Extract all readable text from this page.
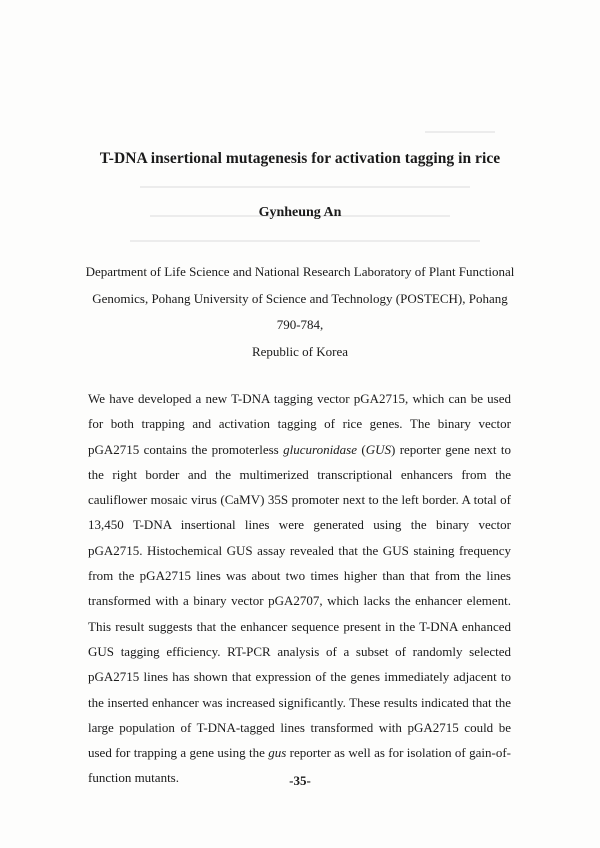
T-DNA insertional mutagenesis for activation tagging in rice
Gynheung An
Department of Life Science and National Research Laboratory of Plant Functional
Genomics, Pohang University of Science and Technology (POSTECH), Pohang 790-784,
Republic of Korea

We have developed a new T-DNA tagging vector pGA2715, which can be used for both trapping and activation tagging of rice genes. The binary vector pGA2715 contains the promoterless glucuronidase (GUS) reporter gene next to the right border and the multimerized transcriptional enhancers from the cauliflower mosaic virus (CaMV) 35S promoter next to the left border. A total of 13,450 T-DNA insertional lines were generated using the binary vector pGA2715. Histochemical GUS assay revealed that the GUS staining frequency from the pGA2715 lines was about two times higher than that from the lines transformed with a binary vector pGA2707, which lacks the enhancer element. This result suggests that the enhancer sequence present in the T-DNA enhanced GUS tagging efficiency. RT-PCR analysis of a subset of randomly selected pGA2715 lines has shown that expression of the genes immediately adjacent to the inserted enhancer was increased significantly. These results indicated that the large population of T-DNA-tagged lines transformed with pGA2715 could be used for trapping a gene using the gus reporter as well as for isolation of gain-of-function mutants.	-35-
